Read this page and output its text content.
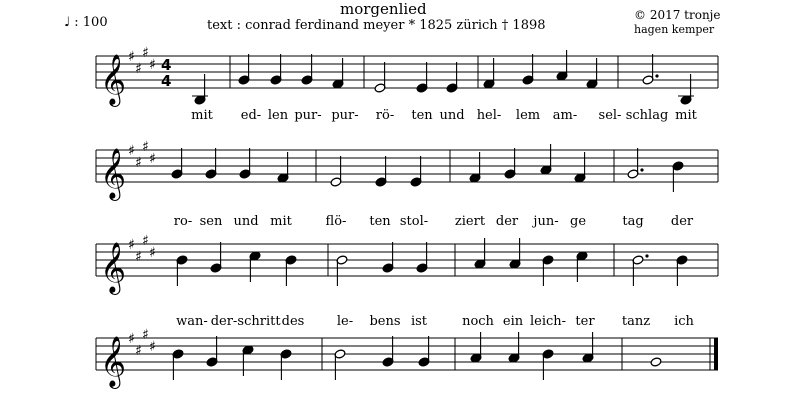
morgenlied
♩ : 100	text : conrad ferdinand meyer * 1825 zürich † 1898
© 2017 tronje
hagen kemper
𝄞 ♯
♯
♯
♯ 4
4
𝄞 ♯
♯
♯
♯
𝄞 ♯
♯
♯
♯
𝄞 ♯
♯
♯
♯
mit ed- len pur- pur- rö- ten und hel- lem am- sel- schlag mit
ro- sen und mit	flö- ten stol- ziert der jun- ge	tag der
wan- der- schritt des	le- bens ist	noch ein leich- ter tanz ich
